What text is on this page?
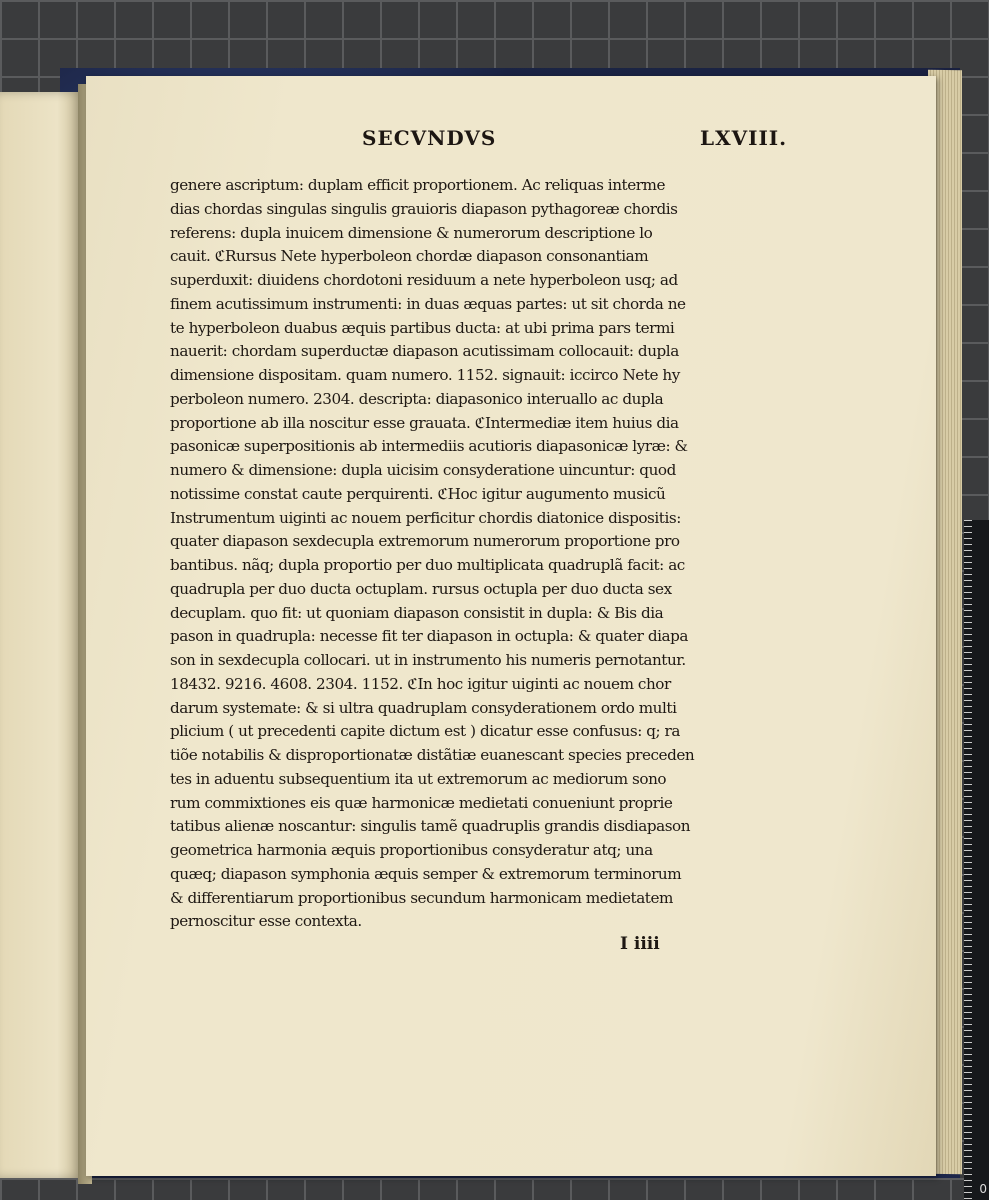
0
SECVNDVS	LXVIII.
genere ascriptum: duplam efficit proportionem. Ac reliquas interme
dias chordas singulas singulis grauioris diapason pythagoreæ chordis
referens: dupla inuicem dimensione & numerorum descriptione lo
cauit. ℭRursus Nete hyperboleon chordæ diapason consonantiam
superduxit: diuidens chordotoni residuum a nete hyperboleon usq; ad
finem acutissimum instrumenti: in duas æquas partes: ut sit chorda ne
te hyperboleon duabus æquis partibus ducta: at ubi prima pars termi
nauerit: chordam superductæ diapason acutissimam collocauit: dupla
dimensione dispositam. quam numero. 1152. signauit: iccirco Nete hy
perboleon numero. 2304. descripta: diapasonico interuallo ac dupla
proportione ab illa noscitur esse grauata. ℭIntermediæ item huius dia
pasonicæ superpositionis ab intermediis acutioris diapasonicæ lyræ: &
numero & dimensione: dupla uicisim consyderatione uincuntur: quod
notissime constat caute perquirenti. ℭHoc igitur augumento musicũ
Instrumentum uiginti ac nouem perficitur chordis diatonice dispositis:
quater diapason sexdecupla extremorum numerorum proportione pro
bantibus. nãq; dupla proportio per duo multiplicata quadruplã facit: ac
quadrupla per duo ducta octuplam. rursus octupla per duo ducta sex
decuplam. quo fit: ut quoniam diapason consistit in dupla: & Bis dia
pason in quadrupla: necesse fit ter diapason in octupla: & quater diapa
son in sexdecupla collocari. ut in instrumento his numeris pernotantur.
18432. 9216. 4608. 2304. 1152. ℭIn hoc igitur uiginti ac nouem chor
darum systemate: & si ultra quadruplam consyderationem ordo multi
plicium ( ut precedenti capite dictum est ) dicatur esse confusus: q; ra
tiõe notabilis & disproportionatæ distãtiæ euanescant species preceden
tes in aduentu subsequentium ita ut extremorum ac mediorum sono
rum commixtiones eis quæ harmonicæ medietati conueniunt proprie
tatibus alienæ noscantur: singulis tamẽ quadruplis grandis disdiapason
geometrica harmonia æquis proportionibus consyderatur atq; una
quæq; diapason symphonia æquis semper & extremorum terminorum
& differentiarum proportionibus secundum harmonicam medietatem
pernoscitur esse contexta.
I iiii
